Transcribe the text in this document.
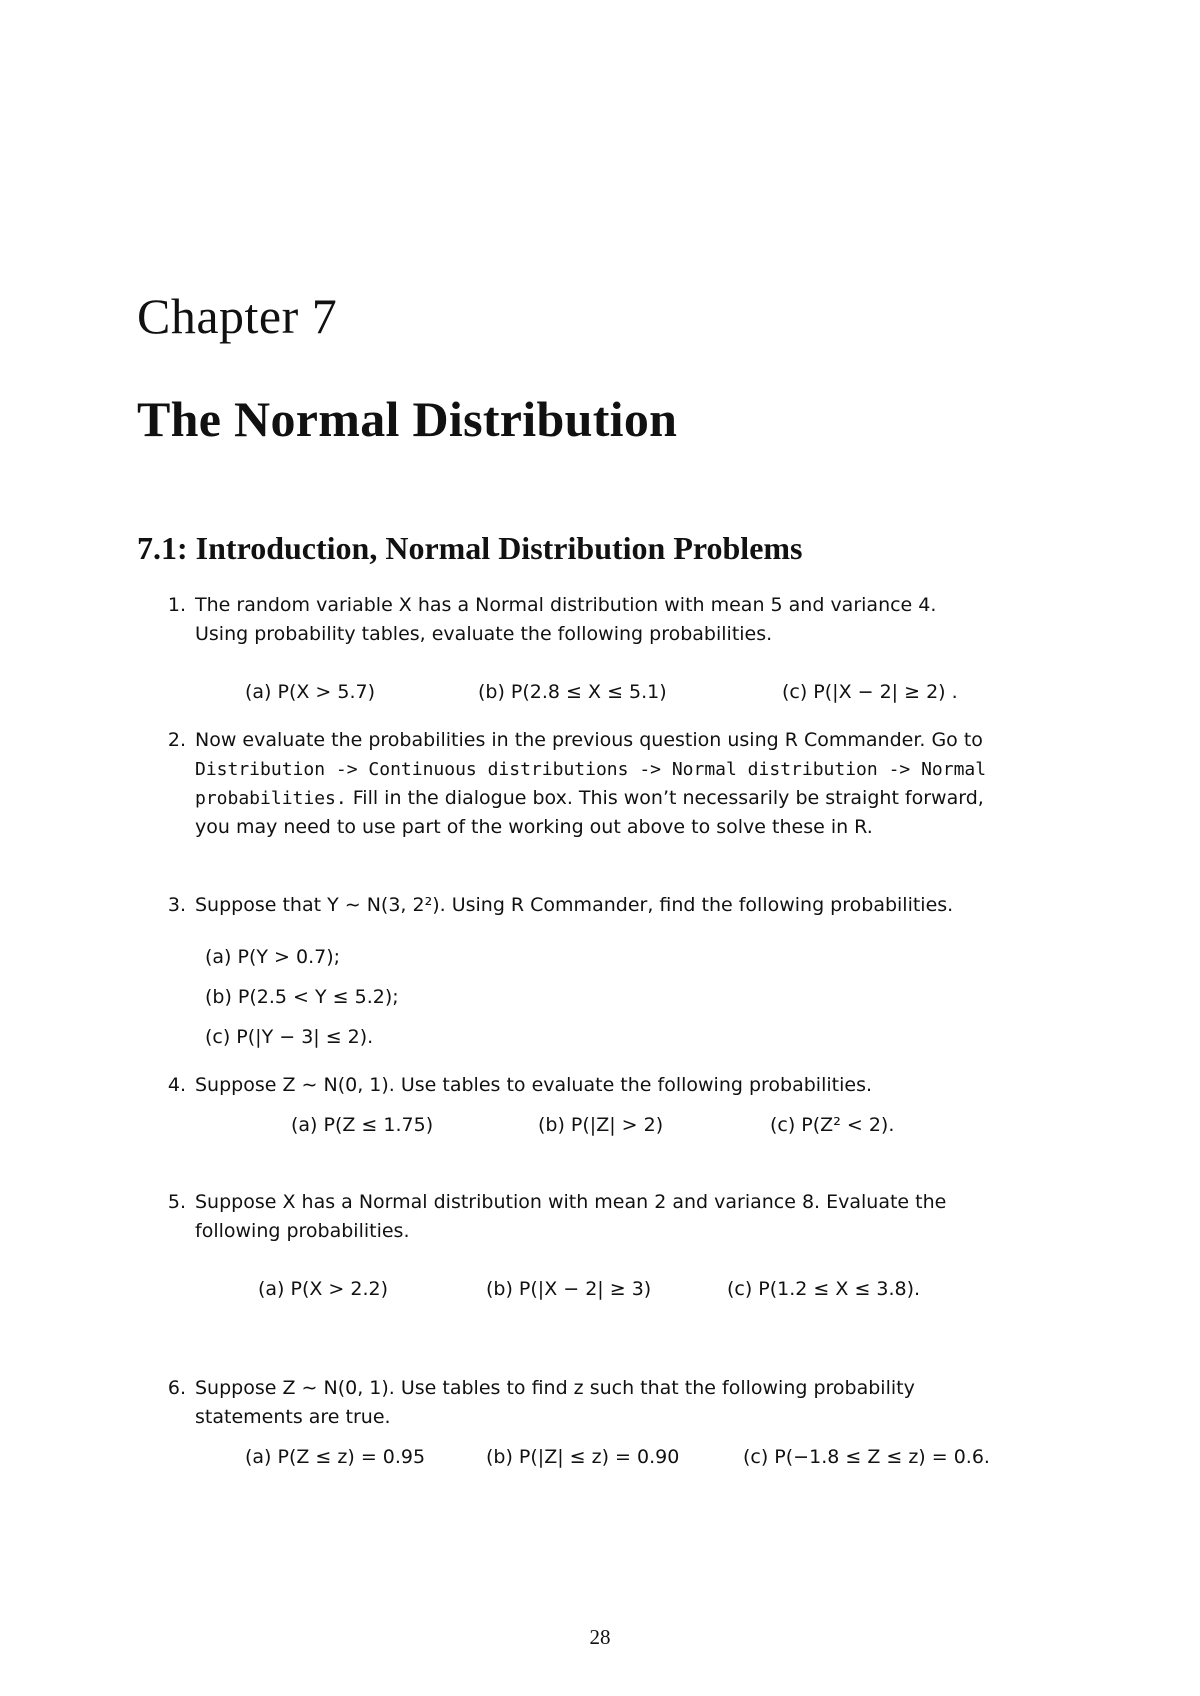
Chapter 7
The Normal Distribution
7.1: Introduction, Normal Distribution Problems
1. The random variable X has a Normal distribution with mean 5 and variance 4.
Using probability tables, evaluate the following probabilities.
(a) P(X > 5.7)	(b) P(2.8 ≤ X ≤ 5.1)	(c) P(|X − 2| ≥ 2) .
2. Now evaluate the probabilities in the previous question using R Commander. Go to
Distribution -> Continuous distributions -> Normal distribution -> Normal
probabilities. Fill in the dialogue box. This won’t necessarily be straight forward,
you may need to use part of the working out above to solve these in R.
3. Suppose that Y ∼ N(3, 2²). Using R Commander, find the following probabilities.
(a) P(Y > 0.7);
(b) P(2.5 < Y ≤ 5.2);
(c) P(|Y − 3| ≤ 2).
4. Suppose Z ∼ N(0, 1). Use tables to evaluate the following probabilities.
(a) P(Z ≤ 1.75)	(b) P(|Z| > 2)	(c) P(Z² < 2).
5. Suppose X has a Normal distribution with mean 2 and variance 8. Evaluate the
following probabilities.
(a) P(X > 2.2)	(b) P(|X − 2| ≥ 3)	(c) P(1.2 ≤ X ≤ 3.8).
6. Suppose Z ∼ N(0, 1). Use tables to find z such that the following probability
statements are true.
(a) P(Z ≤ z) = 0.95	(b) P(|Z| ≤ z) = 0.90	(c) P(−1.8 ≤ Z ≤ z) = 0.6.
28
